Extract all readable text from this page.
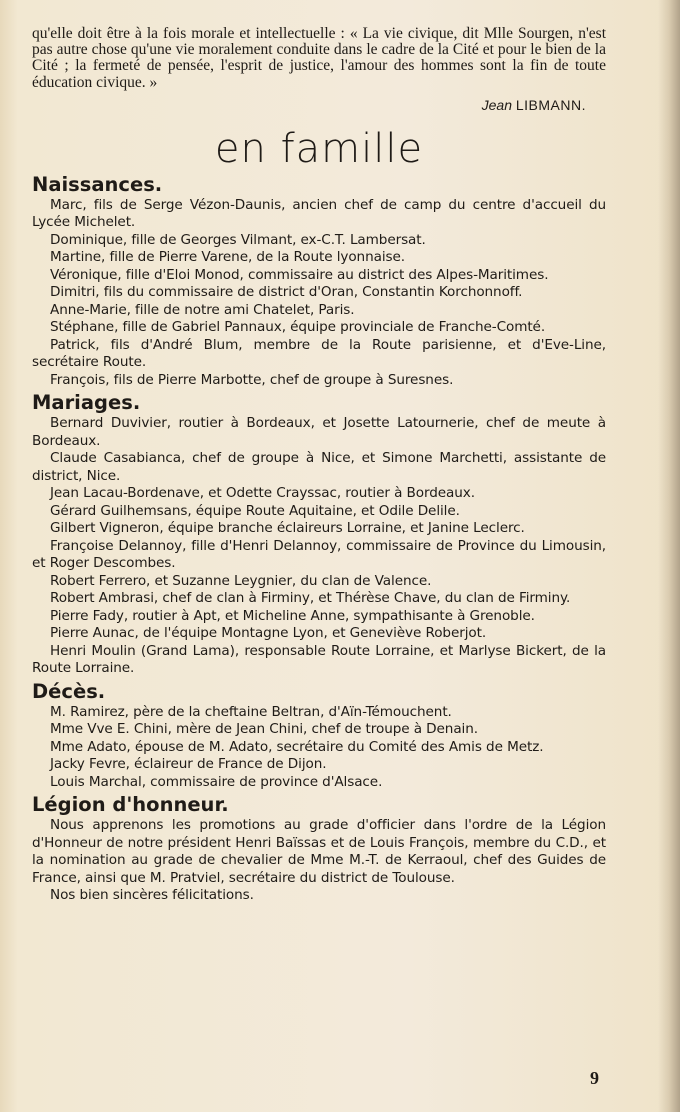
qu'elle doit être à la fois morale et intellectuelle : « La vie civique, dit Mlle Sourgen, n'est pas autre chose qu'une vie moralement conduite dans le cadre de la Cité et pour le bien de la Cité ; la fermeté de pensée, l'esprit de justice, l'amour des hommes sont la fin de toute éducation civique. »

Jean LIBMANN.
en famille
Naissances.

Marc, fils de Serge Vézon-Daunis, ancien chef de camp du centre d'accueil du Lycée Michelet.

Dominique, fille de Georges Vilmant, ex-C.T. Lambersat.

Martine, fille de Pierre Varene, de la Route lyonnaise.

Véronique, fille d'Eloi Monod, commissaire au district des Alpes-Maritimes.

Dimitri, fils du commissaire de district d'Oran, Constantin Korchonnoff.

Anne-Marie, fille de notre ami Chatelet, Paris.

Stéphane, fille de Gabriel Pannaux, équipe provinciale de Franche-Comté.

Patrick, fils d'André Blum, membre de la Route parisienne, et d'Eve-Line, secrétaire Route.

François, fils de Pierre Marbotte, chef de groupe à Suresnes.

Mariages.

Bernard Duvivier, routier à Bordeaux, et Josette Latournerie, chef de meute à Bordeaux.

Claude Casabianca, chef de groupe à Nice, et Simone Marchetti, assistante de district, Nice.

Jean Lacau-Bordenave, et Odette Crayssac, routier à Bordeaux.

Gérard Guilhemsans, équipe Route Aquitaine, et Odile Delile.

Gilbert Vigneron, équipe branche éclaireurs Lorraine, et Janine Leclerc.

Françoise Delannoy, fille d'Henri Delannoy, commissaire de Province du Limousin, et Roger Descombes.

Robert Ferrero, et Suzanne Leygnier, du clan de Valence.

Robert Ambrasi, chef de clan à Firminy, et Thérèse Chave, du clan de Firminy.

Pierre Fady, routier à Apt, et Micheline Anne, sympathisante à Grenoble.

Pierre Aunac, de l'équipe Montagne Lyon, et Geneviève Roberjot.

Henri Moulin (Grand Lama), responsable Route Lorraine, et Marlyse Bickert, de la Route Lorraine.

Décès.

M. Ramirez, père de la cheftaine Beltran, d'Aïn-Témouchent.

Mme Vve E. Chini, mère de Jean Chini, chef de troupe à Denain.

Mme Adato, épouse de M. Adato, secrétaire du Comité des Amis de Metz.

Jacky Fevre, éclaireur de France de Dijon.

Louis Marchal, commissaire de province d'Alsace.

Légion d'honneur.

Nous apprenons les promotions au grade d'officier dans l'ordre de la Légion d'Honneur de notre président Henri Baïssas et de Louis François, membre du C.D., et la nomination au grade de chevalier de Mme M.-T. de Kerraoul, chef des Guides de France, ainsi que M. Pratviel, secrétaire du district de Toulouse.

Nos bien sincères félicitations.

9
